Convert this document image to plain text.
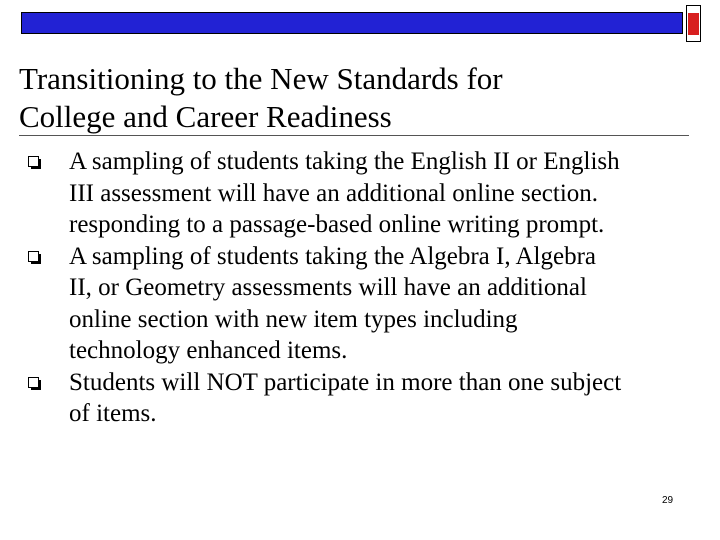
Transitioning to the New Standards for
College and Career Readiness
A sampling of students taking the English II or English
III assessment will have an additional online section.
responding to a passage-based online writing prompt.
A sampling of students taking the Algebra I, Algebra
II, or Geometry assessments will have an additional
online section with new item types including
technology enhanced items.
Students will NOT participate in more than one subject
of items.
29
